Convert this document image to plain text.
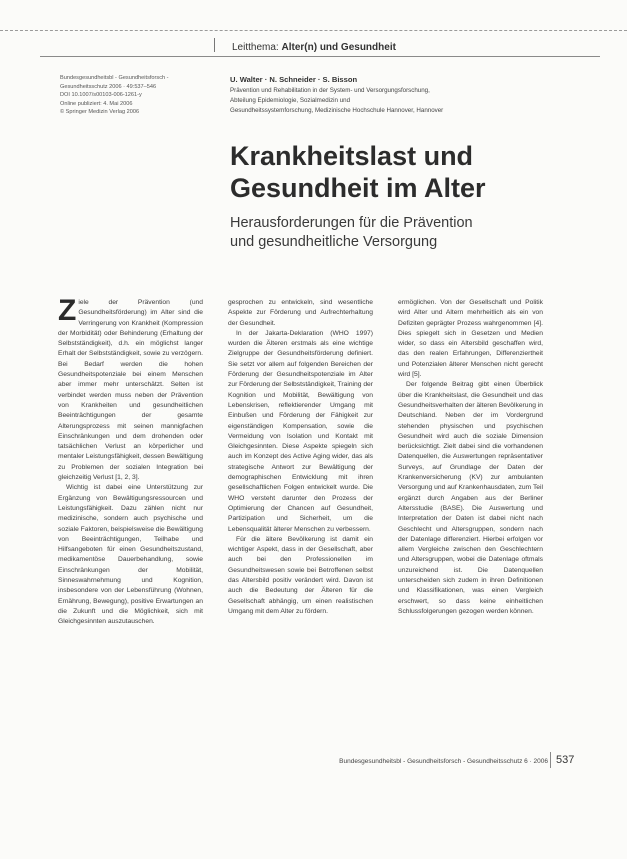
Leitthema: Alter(n) und Gesundheit
Bundesgesundheitsbl - Gesundheitsforsch -
Gesundheitsschutz 2006 · 49:537–546
DOI 10.1007/s00103-006-1261-y
Online publiziert: 4. Mai 2006
© Springer Medizin Verlag 2006
U. Walter · N. Schneider · S. Bisson
Prävention und Rehabilitation in der System- und Versorgungsforschung,
Abteilung Epidemiologie, Sozialmedizin und
Gesundheitssystemforschung, Medizinische Hochschule Hannover, Hannover
Krankheitslast und
Gesundheit im Alter
Herausforderungen für die Prävention
und gesundheitliche Versorgung

Ziele der Prävention (und Gesundheitsförderung) im Alter sind die Verringerung von Krankheit (Kompression der Morbidität) oder Behinderung (Erhaltung der Selbstständigkeit), d.h. ein möglichst langer Erhalt der Selbstständigkeit, sowie zu verzögern. Bei Bedarf werden die hohen Gesundheitspotenziale bei einem Menschen aber immer mehr unterschätzt. Selten ist verbindet werden muss neben der Prävention von Krankheiten und gesundheitlichen Beeinträchtigungen der gesamte Alterungsprozess mit seinen mannigfachen Einschränkungen und dem drohenden oder tatsächlichen Verlust an körperlicher und mentaler Leistungsfähigkeit, dessen Bewältigung zu Problemen der sozialen Integration bei gleichzeitig Verlust [1, 2, 3].

Wichtig ist dabei eine Unterstützung zur Ergänzung von Bewältigungsressourcen und Leistungsfähigkeit. Dazu zählen nicht nur medizinische, sondern auch psychische und soziale Faktoren, beispielsweise die Bewältigung von Beeinträchtigungen, Teilhabe und Hilfsangeboten für einen Gesundheitszustand, medikamentöse Dauerbehandlung, sowie Einschränkungen der Mobilität, Sinneswahrnehmung und Kognition, insbesondere von der Lebensführung (Wohnen, Ernährung, Bewegung), positive Erwartungen an die Zukunft und die Möglichkeit, sich mit Gleichgesinnten auszutauschen.

gesprochen zu entwickeln, sind wesentliche Aspekte zur Förderung und Aufrechterhaltung der Gesundheit.

In der Jakarta-Deklaration (WHO 1997) wurden die Älteren erstmals als eine wichtige Zielgruppe der Gesundheitsförderung definiert. Sie setzt vor allem auf folgenden Bereichen der Förderung der Gesundheitspotenziale im Alter zur Förderung der Selbstständigkeit, Training der Kognition und Mobilität, Bewältigung von Lebenskrisen, reflektierender Umgang mit Einbußen und Förderung der Fähigkeit zur eigenständigen Kompensation, sowie die Vermeidung von Isolation und Kontakt mit Gleichgesinnten. Diese Aspekte spiegeln sich auch im Konzept des Active Aging wider, das als strategische Antwort zur Bewältigung der demographischen Entwicklung mit ihren gesellschaftlichen Folgen entwickelt wurde. Die WHO versteht darunter den Prozess der Optimierung der Chancen auf Gesundheit, Partizipation und Sicherheit, um die Lebensqualität älterer Menschen zu verbessern.

Für die ältere Bevölkerung ist damit ein wichtiger Aspekt, dass in der Gesellschaft, aber auch bei den Professionellen im Gesundheitswesen sowie bei Betroffenen selbst das Altersbild positiv verändert wird. Davon ist auch die Bedeutung der Älteren für die Gesellschaft abhängig, um einen realistischen Umgang mit dem Alter zu fördern.

ermöglichen. Von der Gesellschaft und Politik wird Alter und Altern mehrheitlich als ein von Defiziten geprägter Prozess wahrgenommen [4]. Dies spiegelt sich in Gesetzen und Medien wider, so dass ein Altersbild geschaffen wird, das den realen Erfahrungen, Differenziertheit und Potenzialen älterer Menschen nicht gerecht wird [5].

Der folgende Beitrag gibt einen Überblick über die Krankheitslast, die Gesundheit und das Gesundheitsverhalten der älteren Bevölkerung in Deutschland. Neben der im Vordergrund stehenden physischen und psychischen Gesundheit wird auch die soziale Dimension berücksichtigt. Zielt dabei sind die vorhandenen Datenquellen, die Auswertungen repräsentativer Surveys, auf Grundlage der Daten der Krankenversicherung (KV) zur ambulanten Versorgung und auf Krankenhausdaten, zum Teil ergänzt durch Angaben aus der Berliner Altersstudie (BASE). Die Auswertung und Interpretation der Daten ist dabei nicht nach Geschlecht und Altersgruppen, sondern nach der Datenlage differenziert. Hierbei erfolgen vor allem Vergleiche zwischen den Geschlechtern und Altersgruppen, wobei die Datenlage oftmals unzureichend ist. Die Datenquellen unterscheiden sich zudem in ihren Definitionen und Klassifikationen, was einen Vergleich erschwert, so dass keine einheitlichen Schlussfolgerungen gezogen werden können.

Bundesgesundheitsbl - Gesundheitsforsch - Gesundheitsschutz 6 · 2006 537
